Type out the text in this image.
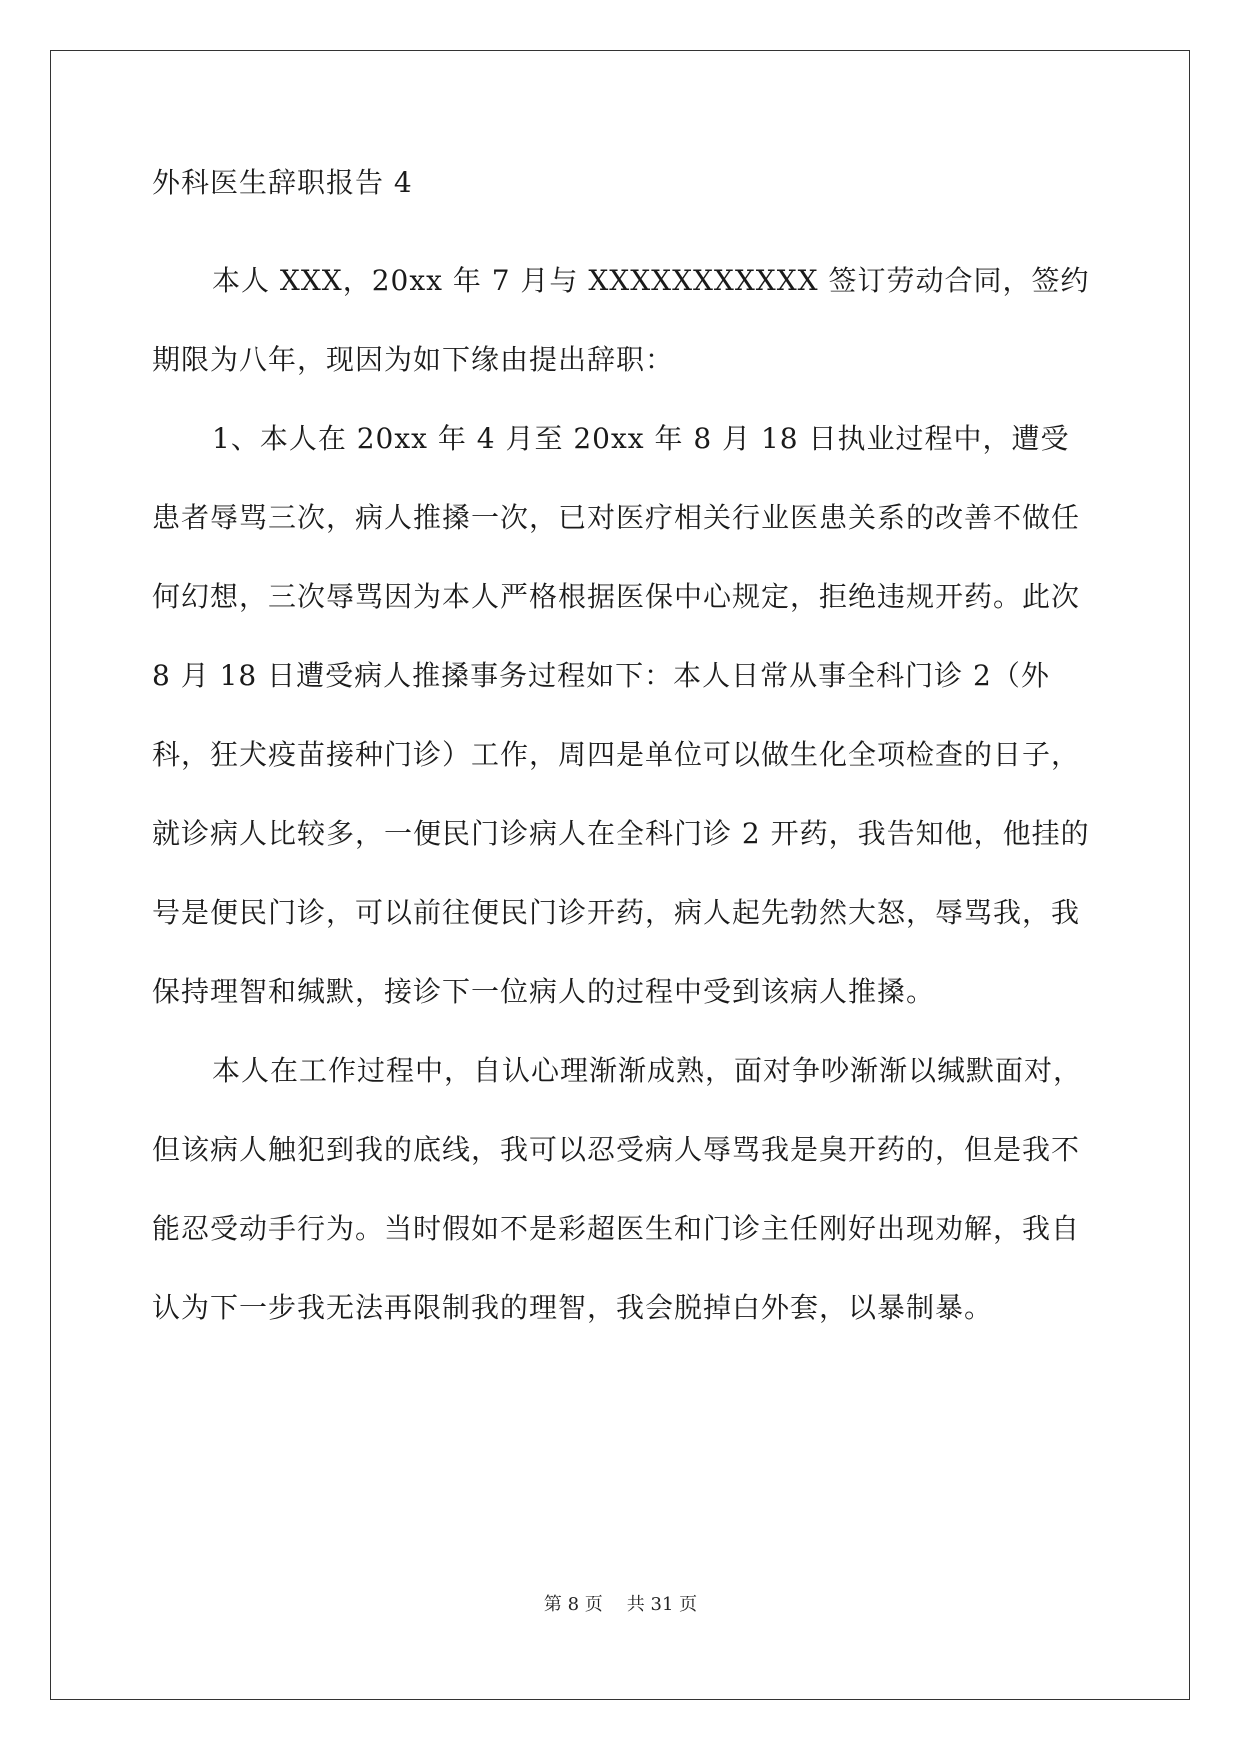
外科医生辞职报告 4

本人 XXX，20xx 年 7 月与 XXXXXXXXXXX 签订劳动合同，签约期限为八年，现因为如下缘由提出辞职：

1、本人在 20xx 年 4 月至 20xx 年 8 月 18 日执业过程中，遭受患者辱骂三次，病人推搡一次，已对医疗相关行业医患关系的改善不做任何幻想，三次辱骂因为本人严格根据医保中心规定，拒绝违规开药。此次 8 月 18 日遭受病人推搡事务过程如下：本人日常从事全科门诊 2（外科，狂犬疫苗接种门诊）工作，周四是单位可以做生化全项检查的日子，就诊病人比较多，一便民门诊病人在全科门诊 2 开药，我告知他，他挂的号是便民门诊，可以前往便民门诊开药，病人起先勃然大怒，辱骂我，我保持理智和缄默，接诊下一位病人的过程中受到该病人推搡。

本人在工作过程中，自认心理渐渐成熟，面对争吵渐渐以缄默面对，但该病人触犯到我的底线，我可以忍受病人辱骂我是臭开药的，但是我不能忍受动手行为。当时假如不是彩超医生和门诊主任刚好出现劝解，我自认为下一步我无法再限制我的理智，我会脱掉白外套，以暴制暴。

第 8 页 共 31 页
